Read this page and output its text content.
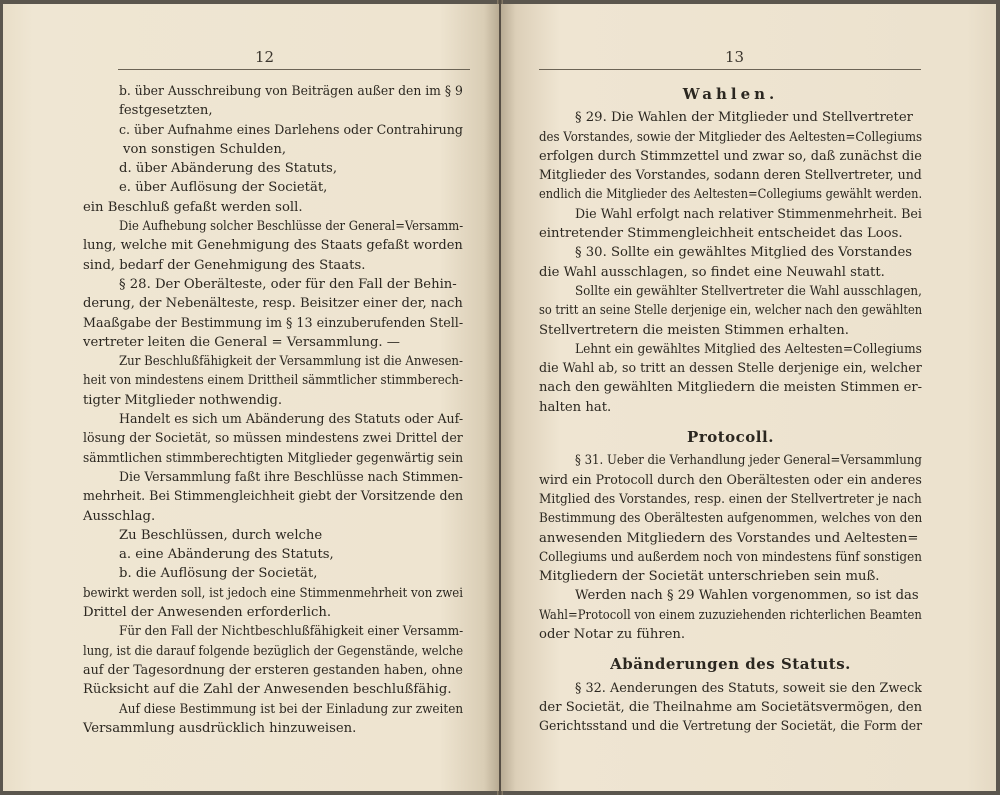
12
b. über Ausschreibung von Beiträgen außer den im § 9
festgesetzten,
c. über Aufnahme eines Darlehens oder Contrahirung
von sonstigen Schulden,
d. über Abänderung des Statuts,
e. über Auflösung der Societät,
ein Beschluß gefaßt werden soll.
Die Aufhebung solcher Beschlüsse der General=Versamm-
lung, welche mit Genehmigung des Staats gefaßt worden
sind, bedarf der Genehmigung des Staats.
§ 28. Der Oberälteste, oder für den Fall der Behin-
derung, der Nebenälteste, resp. Beisitzer einer der, nach
Maaßgabe der Bestimmung im § 13 einzuberufenden Stell-
vertreter leiten die General = Versammlung. —
Zur Beschlußfähigkeit der Versammlung ist die Anwesen-
heit von mindestens einem Drittheil sämmtlicher stimmberech-
tigter Mitglieder nothwendig.
Handelt es sich um Abänderung des Statuts oder Auf-
lösung der Societät, so müssen mindestens zwei Drittel der
sämmtlichen stimmberechtigten Mitglieder gegenwärtig sein
Die Versammlung faßt ihre Beschlüsse nach Stimmen-
mehrheit. Bei Stimmengleichheit giebt der Vorsitzende den
Ausschlag.
Zu Beschlüssen, durch welche
a. eine Abänderung des Statuts,
b. die Auflösung der Societät,
bewirkt werden soll, ist jedoch eine Stimmenmehrheit von zwei
Drittel der Anwesenden erforderlich.
Für den Fall der Nichtbeschlußfähigkeit einer Versamm-
lung, ist die darauf folgende bezüglich der Gegenstände, welche
auf der Tagesordnung der ersteren gestanden haben, ohne
Rücksicht auf die Zahl der Anwesenden beschlußfähig.
Auf diese Bestimmung ist bei der Einladung zur zweiten
Versammlung ausdrücklich hinzuweisen.
13
Wahlen.
§ 29. Die Wahlen der Mitglieder und Stellvertreter
des Vorstandes, sowie der Mitglieder des Aeltesten=Collegiums
erfolgen durch Stimmzettel und zwar so, daß zunächst die
Mitglieder des Vorstandes, sodann deren Stellvertreter, und
endlich die Mitglieder des Aeltesten=Collegiums gewählt werden.
Die Wahl erfolgt nach relativer Stimmenmehrheit. Bei
eintretender Stimmengleichheit entscheidet das Loos.
§ 30. Sollte ein gewähltes Mitglied des Vorstandes
die Wahl ausschlagen, so findet eine Neuwahl statt.
Sollte ein gewählter Stellvertreter die Wahl ausschlagen,
so tritt an seine Stelle derjenige ein, welcher nach den gewählten
Stellvertretern die meisten Stimmen erhalten.
Lehnt ein gewähltes Mitglied des Aeltesten=Collegiums
die Wahl ab, so tritt an dessen Stelle derjenige ein, welcher
nach den gewählten Mitgliedern die meisten Stimmen er-
halten hat.
Protocoll.
§ 31. Ueber die Verhandlung jeder General=Versammlung
wird ein Protocoll durch den Oberältesten oder ein anderes
Mitglied des Vorstandes, resp. einen der Stellvertreter je nach
Bestimmung des Oberältesten aufgenommen, welches von den
anwesenden Mitgliedern des Vorstandes und Aeltesten=
Collegiums und außerdem noch von mindestens fünf sonstigen
Mitgliedern der Societät unterschrieben sein muß.
Werden nach § 29 Wahlen vorgenommen, so ist das
Wahl=Protocoll von einem zuzuziehenden richterlichen Beamten
oder Notar zu führen.
Abänderungen des Statuts.
§ 32. Aenderungen des Statuts, soweit sie den Zweck
der Societät, die Theilnahme am Societätsvermögen, den
Gerichtsstand und die Vertretung der Societät, die Form der
